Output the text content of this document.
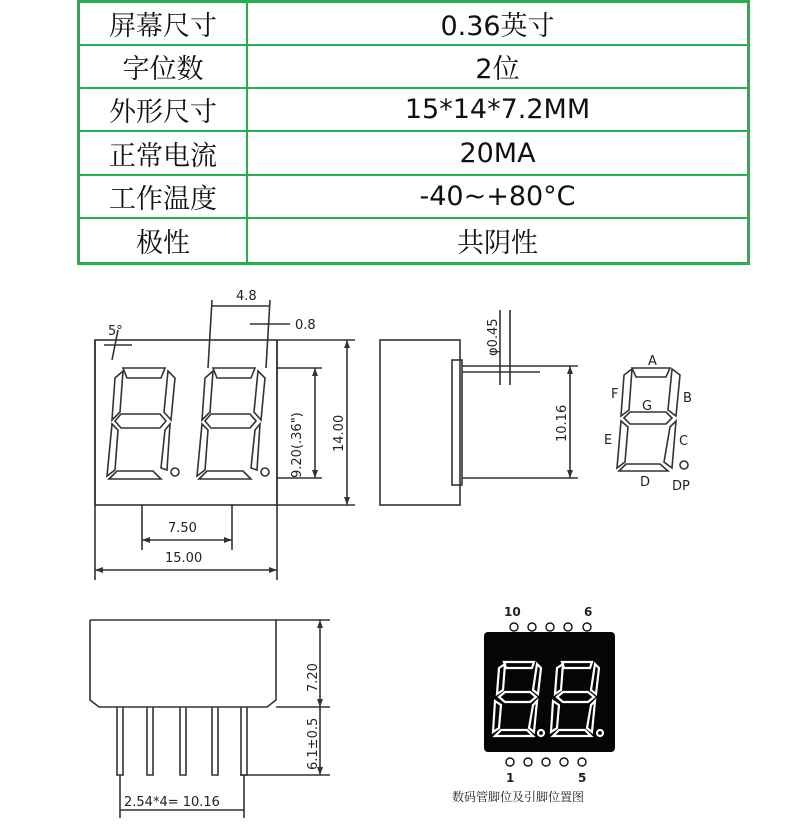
屏幕尺寸	0.36英寸
字位数	2位
外形尺寸	15*14*7.2MM
正常电流	20MA
工作温度	-40~+80°C
极性	共阴性
4.8
5°	0.8
9.20(.36") 14.00
7.50
15.00
φ0.45
10.16
A
B
C
D
E
F
G
DP
7.20
6.1±0.5
2.54*4= 10.16
10	6
1	5
数码管脚位及引脚位置图
